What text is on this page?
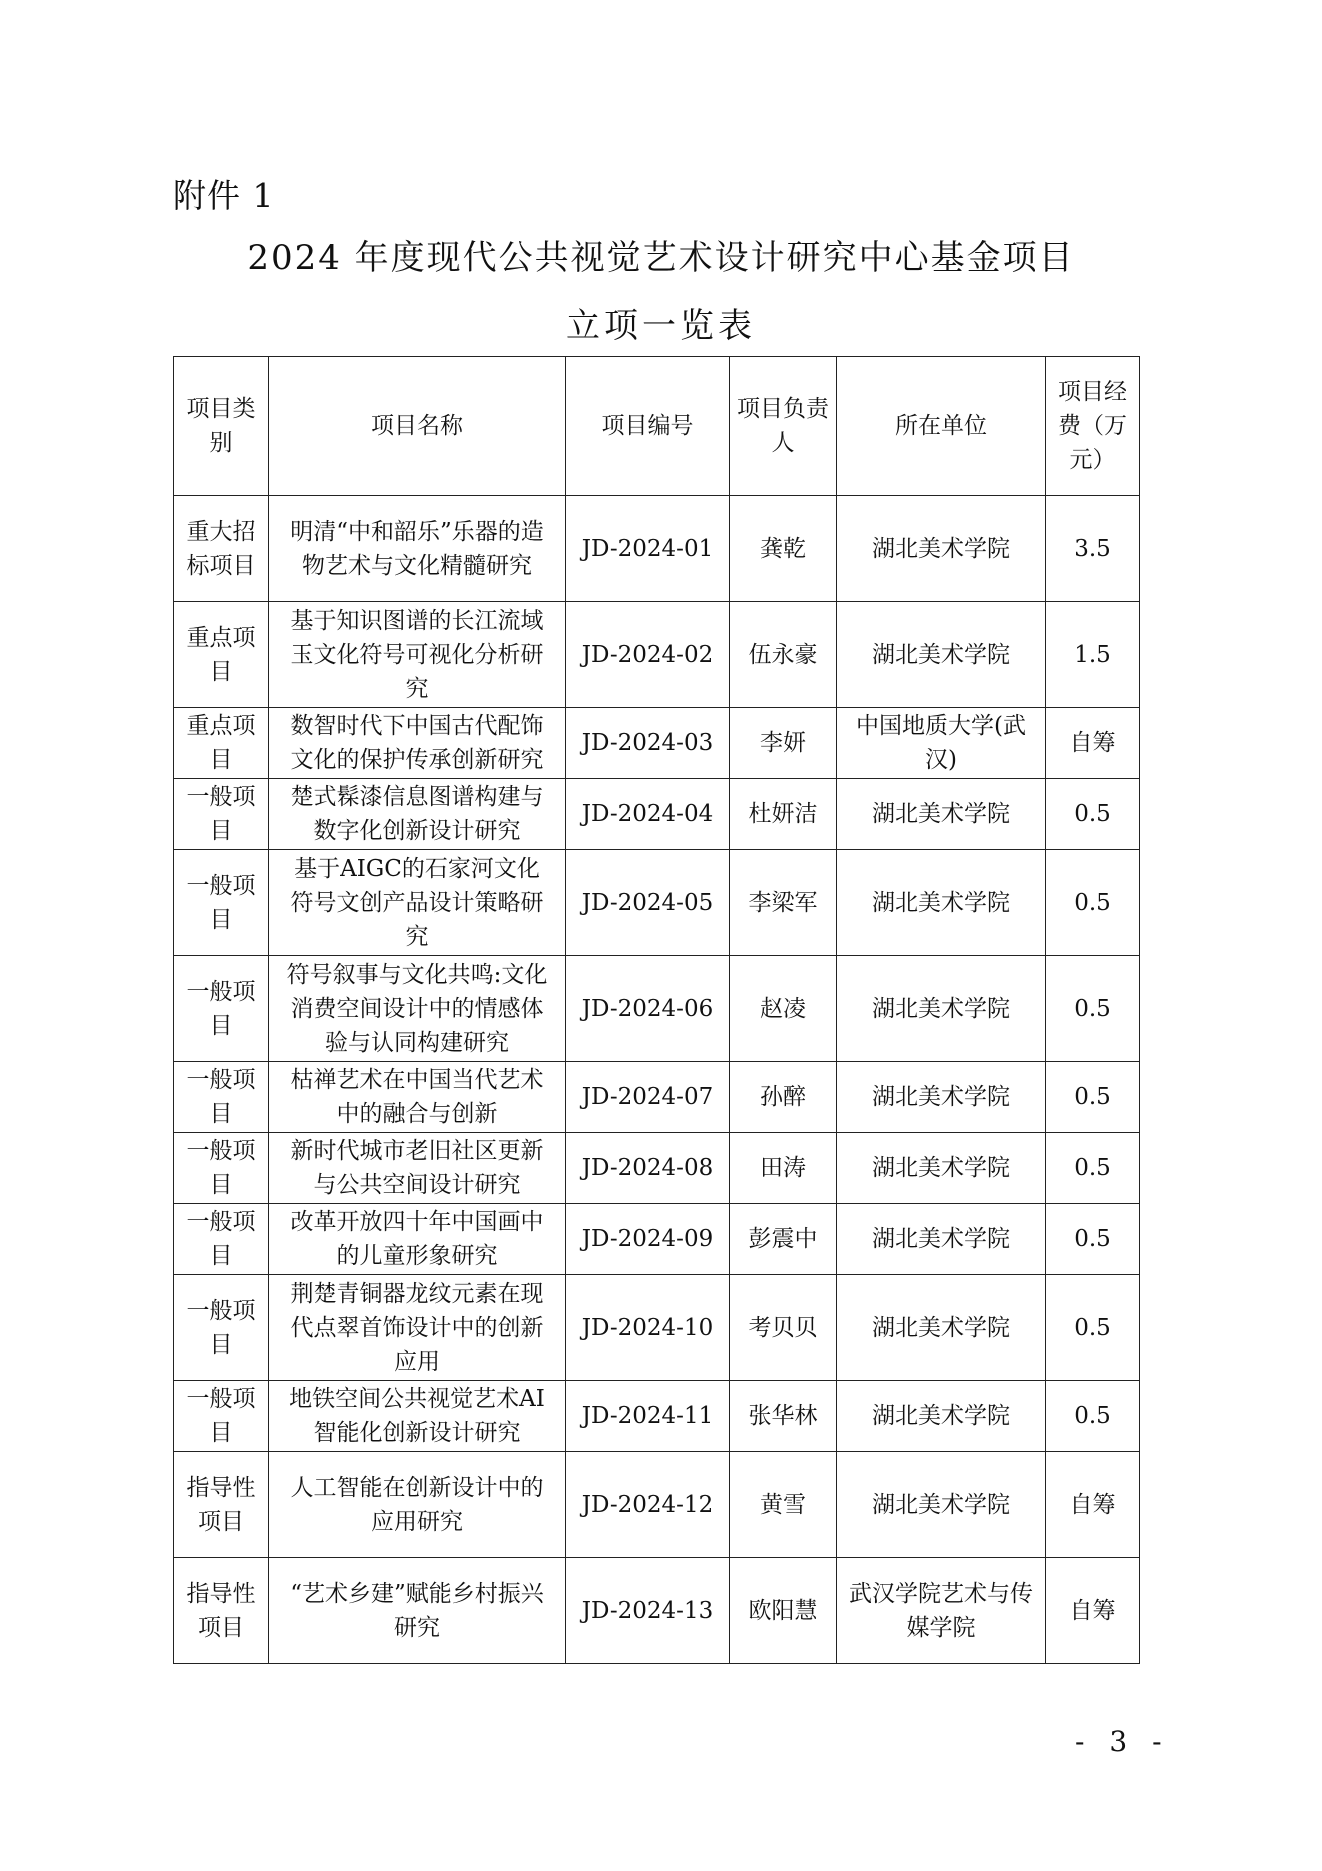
附件 1
2024 年度现代公共视觉艺术设计研究中心基金项目
立项一览表
项目类别	项目名称	项目编号	项目负责人	所在单位	项目经费（万元）
重大招标项目	明清“中和韶乐”乐器的造物艺术与文化精髓研究	JD-2024-01	龚乾	湖北美术学院	3.5
重点项目	基于知识图谱的长江流域玉文化符号可视化分析研究	JD-2024-02	伍永豪	湖北美术学院	1.5
重点项目	数智时代下中国古代配饰文化的保护传承创新研究	JD-2024-03	李妍	中国地质大学(武汉)	自筹
一般项目	楚式髹漆信息图谱构建与数字化创新设计研究	JD-2024-04	杜妍洁	湖北美术学院	0.5
一般项目	基于AIGC的石家河文化符号文创产品设计策略研究	JD-2024-05	李梁军	湖北美术学院	0.5
一般项目	符号叙事与文化共鸣:文化消费空间设计中的情感体验与认同构建研究	JD-2024-06	赵凌	湖北美术学院	0.5
一般项目	枯禅艺术在中国当代艺术中的融合与创新	JD-2024-07	孙醉	湖北美术学院	0.5
一般项目	新时代城市老旧社区更新与公共空间设计研究	JD-2024-08	田涛	湖北美术学院	0.5
一般项目	改革开放四十年中国画中的儿童形象研究	JD-2024-09	彭震中	湖北美术学院	0.5
一般项目	荆楚青铜器龙纹元素在现代点翠首饰设计中的创新应用	JD-2024-10	考贝贝	湖北美术学院	0.5
一般项目	地铁空间公共视觉艺术AI智能化创新设计研究	JD-2024-11	张华林	湖北美术学院	0.5
指导性项目	人工智能在创新设计中的应用研究	JD-2024-12	黄雪	湖北美术学院	自筹
指导性项目	“艺术乡建”赋能乡村振兴研究	JD-2024-13	欧阳慧	武汉学院艺术与传媒学院	自筹
- 3 -
